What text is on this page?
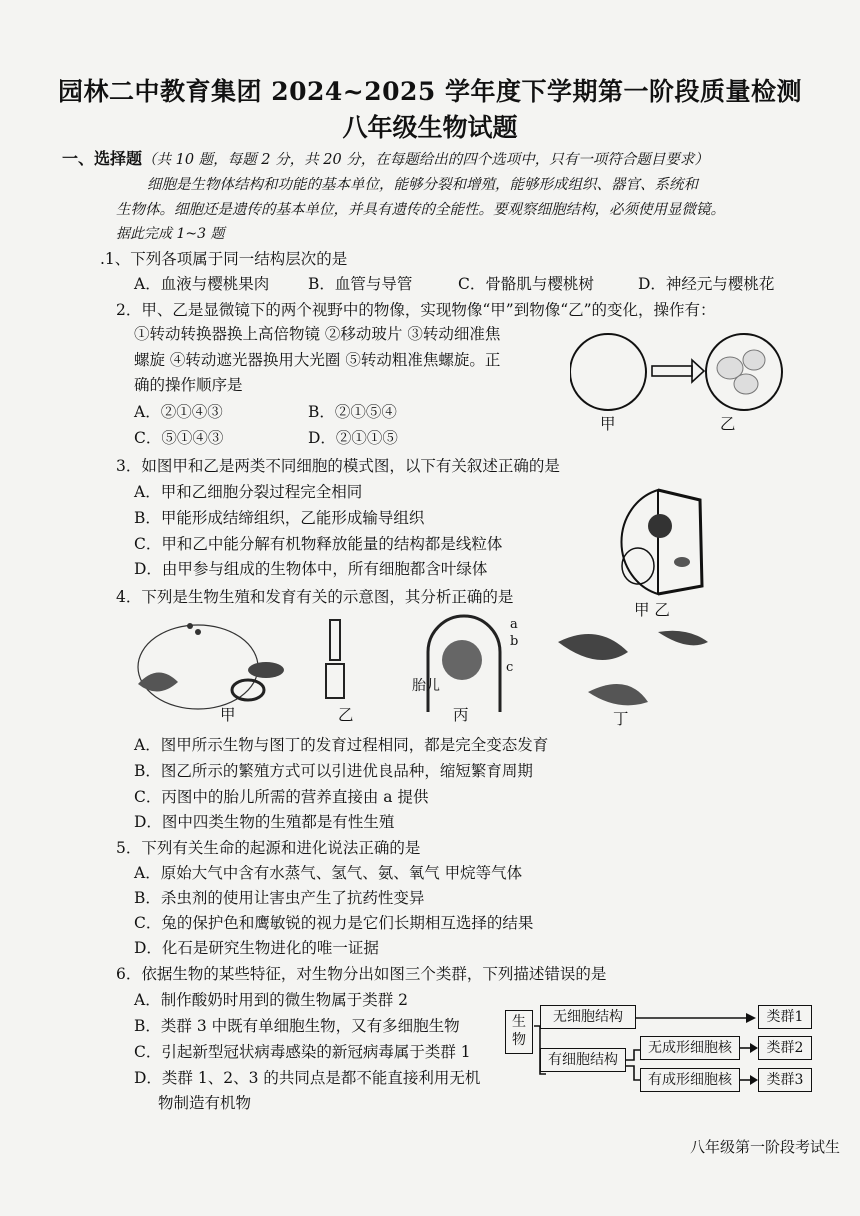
园林二中教育集团 2024~2025 学年度下学期第一阶段质量检测
八年级生物试题
一、选择题（共 10 题，每题 2 分，共 20 分，在每题给出的四个选项中，只有一项符合题目要求）
细胞是生物体结构和功能的基本单位，能够分裂和增殖，能够形成组织、器官、系统和
生物体。细胞还是遗传的基本单位，并具有遗传的全能性。要观察细胞结构，必须使用显微镜。
据此完成 1~3 题
.1、下列各项属于同一结构层次的是
A．血液与樱桃果肉	B．血管与导管	C．骨骼肌与樱桃树	D．神经元与樱桃花
2．甲、乙是显微镜下的两个视野中的物像，实现物像“甲”到物像“乙”的变化，操作有：
①转动转换器换上高倍物镜 ②移动玻片 ③转动细准焦
螺旋 ④转动遮光器换用大光圈 ⑤转动粗准焦螺旋。正
确的操作顺序是
A．②①④③	B．②①⑤④
C．⑤①④③	D．②①①⑤
甲	乙
3．如图甲和乙是两类不同细胞的模式图，以下有关叙述正确的是
A．甲和乙细胞分裂过程完全相同
B．甲能形成结缔组织，乙能形成输导组织
C．甲和乙中能分解有机物释放能量的结构都是线粒体
D．由甲参与组成的生物体中，所有细胞都含叶绿体
甲 乙
4．下列是生物生殖和发育有关的示意图，其分析正确的是
a
b
c
胎儿
甲	乙	丙	丁
A．图甲所示生物与图丁的发育过程相同，都是完全变态发育
B．图乙所示的繁殖方式可以引进优良品种，缩短繁育周期
C．丙图中的胎儿所需的营养直接由 a 提供
D．图中四类生物的生殖都是有性生殖
5．下列有关生命的起源和进化说法正确的是
A．原始大气中含有水蒸气、氢气、氨、氧气 甲烷等气体
B．杀虫剂的使用让害虫产生了抗药性变异
C．兔的保护色和鹰敏锐的视力是它们长期相互选择的结果
D．化石是研究生物进化的唯一证据
6．依据生物的某些特征，对生物分出如图三个类群，下列描述错误的是
A．制作酸奶时用到的微生物属于类群 2
B．类群 3 中既有单细胞生物，又有多细胞生物
C．引起新型冠状病毒感染的新冠病毒属于类群 1
D．类群 1、2、3 的共同点是都不能直接利用无机
物制造有机物
生物
无细胞结构
有细胞结构
无成形细胞核
有成形细胞核
类群1
类群2
类群3
八年级第一阶段考试生
